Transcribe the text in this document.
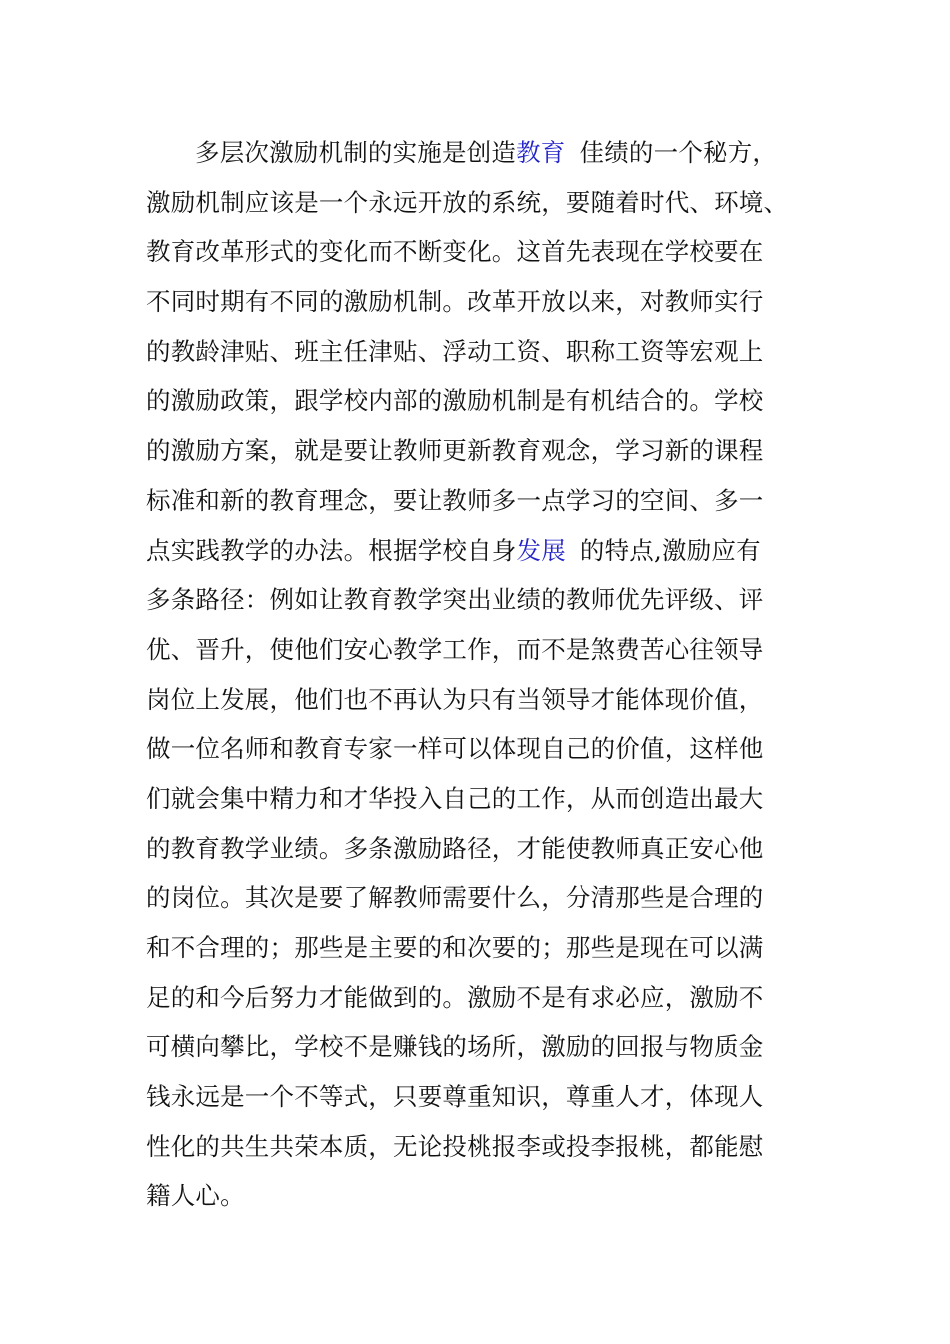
多层次激励机制的实施是创造教育 佳绩的一个秘方，
激励机制应该是一个永远开放的系统，要随着时代、环境、
教育改革形式的变化而不断变化。这首先表现在学校要在
不同时期有不同的激励机制。改革开放以来，对教师实行
的教龄津贴、班主任津贴、浮动工资、职称工资等宏观上
的激励政策，跟学校内部的激励机制是有机结合的。学校
的激励方案，就是要让教师更新教育观念，学习新的课程
标准和新的教育理念，要让教师多一点学习的空间、多一
点实践教学的办法。根据学校自身发展 的特点,激励应有
多条路径：例如让教育教学突出业绩的教师优先评级、评
优、晋升，使他们安心教学工作，而不是煞费苦心往领导
岗位上发展，他们也不再认为只有当领导才能体现价值，
做一位名师和教育专家一样可以体现自己的价值，这样他
们就会集中精力和才华投入自己的工作，从而创造出最大
的教育教学业绩。多条激励路径，才能使教师真正安心他
的岗位。其次是要了解教师需要什么，分清那些是合理的
和不合理的；那些是主要的和次要的；那些是现在可以满
足的和今后努力才能做到的。激励不是有求必应，激励不
可横向攀比，学校不是赚钱的场所，激励的回报与物质金
钱永远是一个不等式，只要尊重知识，尊重人才，体现人
性化的共生共荣本质，无论投桃报李或投李报桃，都能慰
籍人心。
